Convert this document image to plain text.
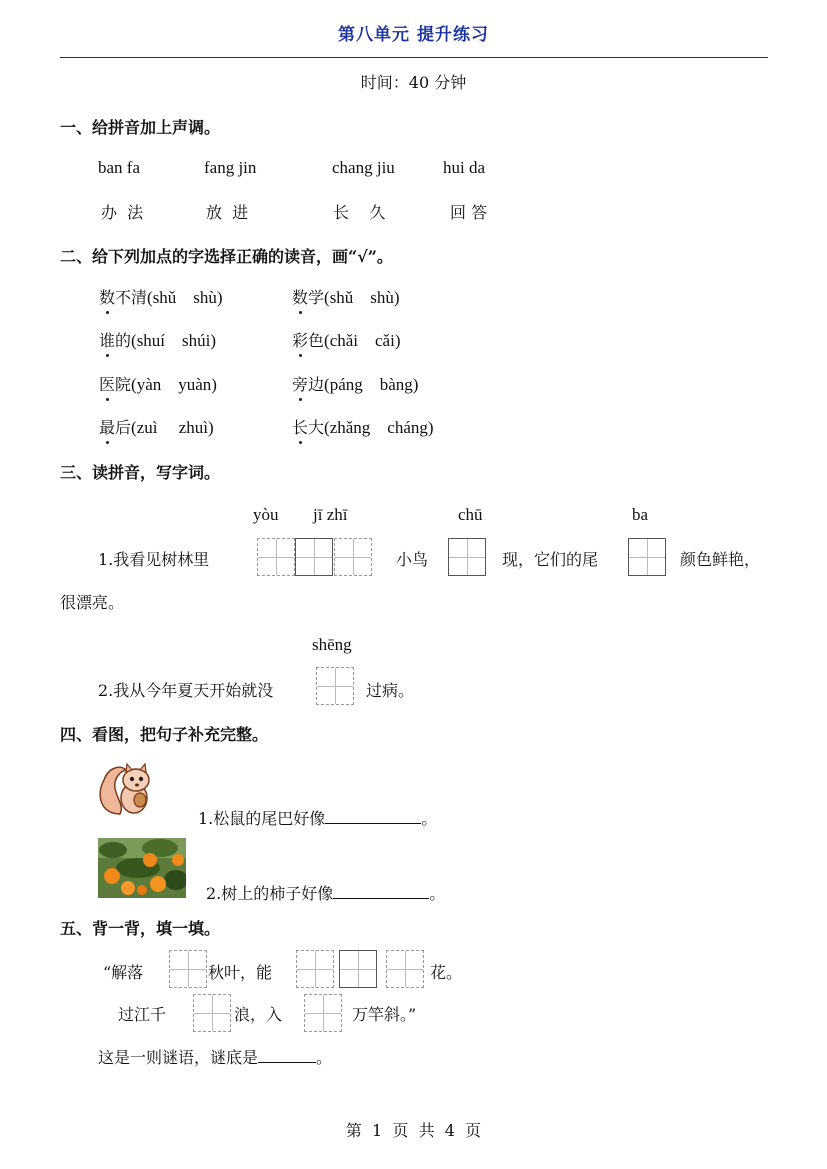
第八单元 提升练习
时间：40 分钟
一、给拼音加上声调。
ban fa	fang jin	chang jiu	hui da
办  法	放  进	长    久	回 答
二、给下列加点的字选择正确的读音，画“√”。
数不清(shǔ    shù)	数学(shǔ    shù)
谁的(shuí    shúi)	彩色(chǎi    cǎi)
医院(yàn    yuàn)	旁边(páng    bàng)
最后(zuì     zhuì)	长大(zhǎng    cháng)
三、读拼音，写字词。
yòu jī zhī	chū	ba
1.我看见树林里	小鸟	现，它们的尾	颜色鲜艳，
很漂亮。
shēng
2.我从今年夏天开始就没	过病。
四、看图，把句子补充完整。
1.松鼠的尾巴好像	。
2.树上的柿子好像	。
五、背一背，填一填。
“解落	秋叶，能	花。
过江千	浪，入	万竿斜。”
这是一则谜语，谜底是	。
第  1  页  共  4  页
